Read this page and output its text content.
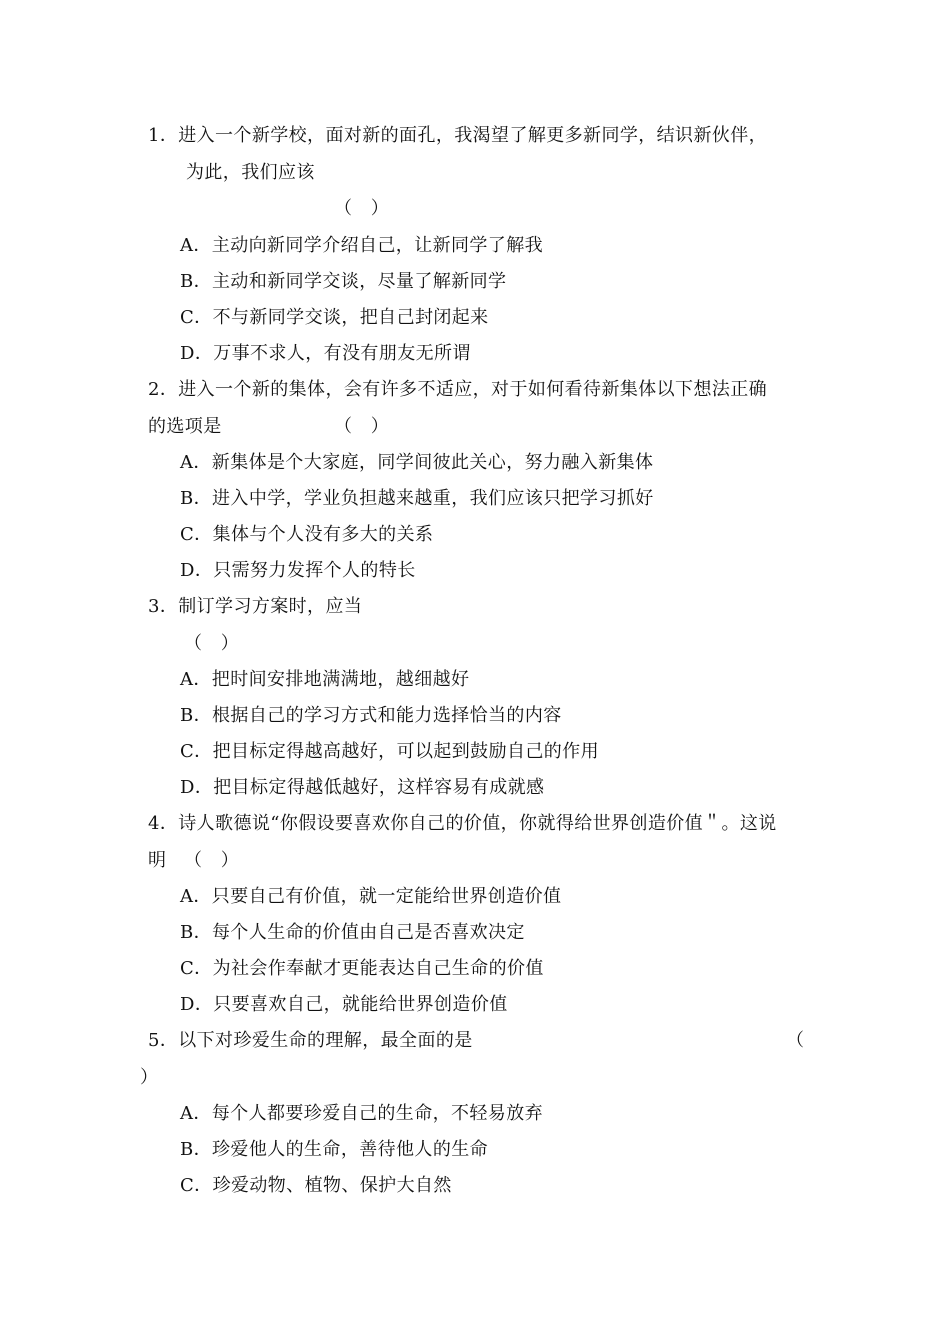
1．进入一个新学校，面对新的面孔，我渴望了解更多新同学，结识新伙伴，
为此，我们应该
（　）
A．主动向新同学介绍自己，让新同学了解我
B．主动和新同学交谈，尽量了解新同学
C．不与新同学交谈，把自己封闭起来
D．万事不求人，有没有朋友无所谓
2．进入一个新的集体，会有许多不适应，对于如何看待新集体以下想法正确
的选项是	（　）
A．新集体是个大家庭，同学间彼此关心，努力融入新集体
B．进入中学，学业负担越来越重，我们应该只把学习抓好
C．集体与个人没有多大的关系
D．只需努力发挥个人的特长
3．制订学习方案时，应当
（　）
A．把时间安排地满满地，越细越好
B．根据自己的学习方式和能力选择恰当的内容
C．把目标定得越高越好，可以起到鼓励自己的作用
D．把目标定得越低越好，这样容易有成就感
4．诗人歌德说“你假设要喜欢你自己的价值，你就得给世界创造价值＂。这说
明 （　）
A．只要自己有价值，就一定能给世界创造价值
B．每个人生命的价值由自己是否喜欢决定
C．为社会作奉献才更能表达自己生命的价值
D．只要喜欢自己，就能给世界创造价值
5．以下对珍爱生命的理解，最全面的是	（
）
A．每个人都要珍爱自己的生命，不轻易放弃
B．珍爱他人的生命，善待他人的生命
C．珍爱动物、植物、保护大自然
